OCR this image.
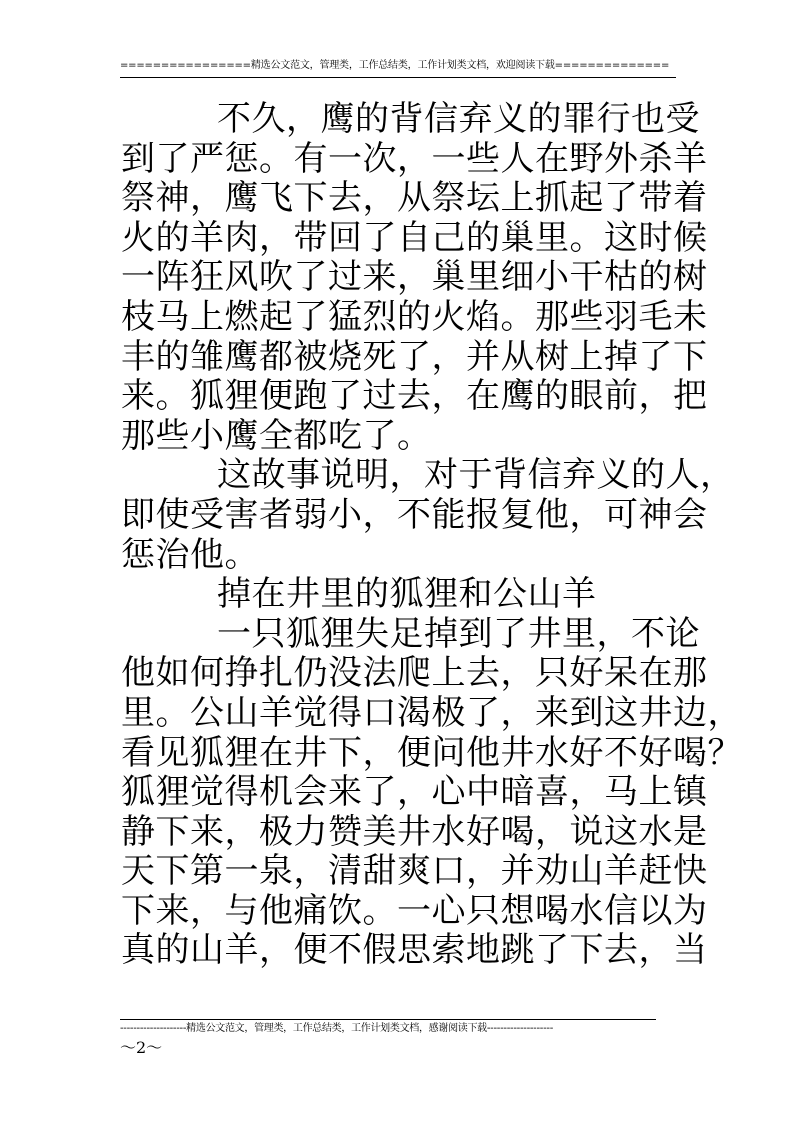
================精选公文范文，管理类，工作总结类，工作计划类文档，欢迎阅读下载==============
不久，鹰的背信弃义的罪行也受
到了严惩。有一次，一些人在野外杀羊
祭神，鹰飞下去，从祭坛上抓起了带着
火的羊肉，带回了自己的巢里。这时候
一阵狂风吹了过来，巢里细小干枯的树
枝马上燃起了猛烈的火焰。那些羽毛未
丰的雏鹰都被烧死了，并从树上掉了下
来。狐狸便跑了过去，在鹰的眼前，把
那些小鹰全都吃了。
这故事说明，对于背信弃义的人，
即使受害者弱小，不能报复他，可神会
惩治他。
掉在井里的狐狸和公山羊
一只狐狸失足掉到了井里，不论
他如何挣扎仍没法爬上去，只好呆在那
里。公山羊觉得口渴极了，来到这井边，
看见狐狸在井下，便问他井水好不好喝？
狐狸觉得机会来了，心中暗喜，马上镇
静下来，极力赞美井水好喝，说这水是
天下第一泉，清甜爽口，并劝山羊赶快
下来，与他痛饮。一心只想喝水信以为
真的山羊，便不假思索地跳了下去，当
--------------------精选公文范文，管理类，工作总结类，工作计划类文档，感谢阅读下载--------------------
～2～
